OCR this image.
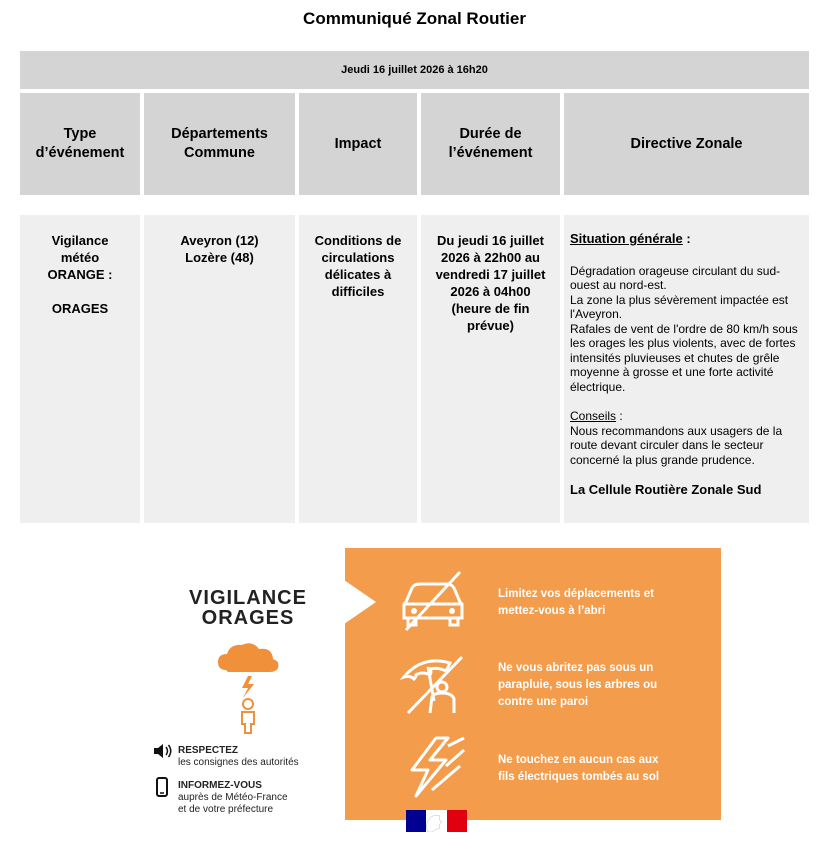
Communiqué Zonal Routier
Jeudi 16 juillet 2026 à 16h20
Type
d’événement
Départements
Commune
Impact
Durée de
l’événement
Directive Zonale
Vigilance
météo
ORANGE :

ORAGES
Aveyron (12)
Lozère (48)
Conditions de
circulations
délicates à
difficiles
Du jeudi 16 juillet
2026 à 22h00 au
vendredi 17 juillet
2026 à 04h00
(heure de fin
prévue)
Situation générale :

Dégradation orageuse circulant du sud-ouest au nord-est.

La zone la plus sévèrement impactée est l'Aveyron.

Rafales de vent de l'ordre de 80 km/h sous les orages les plus violents, avec de fortes intensités pluvieuses et chutes de grêle moyenne à grosse et une forte activité électrique.

Conseils :

Nous recommandons aux usagers de la route devant circuler dans le secteur concerné la plus grande prudence.

La Cellule Routière Zonale Sud

VIGILANCE
ORAGES
RESPECTEZ
les consignes des autorités
INFORMEZ-VOUS
auprès de Météo-France
et de votre préfecture
Limitez vos déplacements et
mettez-vous à l’abri
Ne vous abritez pas sous un
parapluie, sous les arbres ou
contre une paroi
Ne touchez en aucun cas aux
fils électriques tombés au sol
